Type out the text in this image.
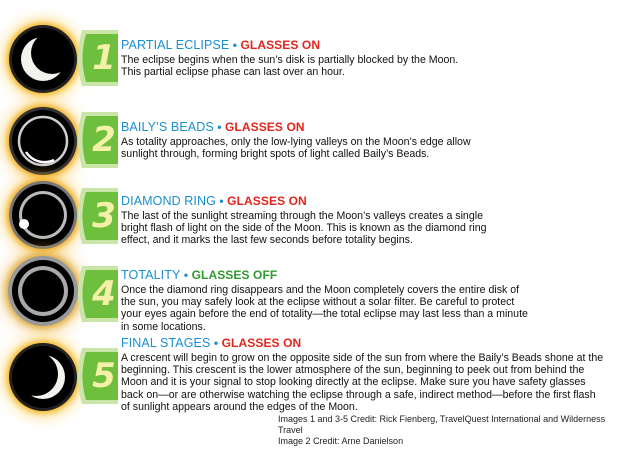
1 PARTIAL ECLIPSE • GLASSES ON
The eclipse begins when the sun’s disk is partially blocked by the Moon. This partial eclipse phase can last over an hour.
2 BAILY’S BEADS • GLASSES ON
As totality approaches, only the low-lying valleys on the Moon’s edge allow sunlight through, forming bright spots of light called Baily’s Beads.
3 DIAMOND RING • GLASSES ON
The last of the sunlight streaming through the Moon’s valleys creates a single bright flash of light on the side of the Moon. This is known as the diamond ring effect, and it marks the last few seconds before totality begins.
4 TOTALITY • GLASSES OFF
Once the diamond ring disappears and the Moon completely covers the entire disk of the sun, you may safely look at the eclipse without a solar filter. Be careful to protect your eyes again before the end of totality—the total eclipse may last less than a minute in some locations.
5
FINAL STAGES • GLASSES ON
A crescent will begin to grow on the opposite side of the sun from where the Baily’s Beads shone at the beginning. This crescent is the lower atmosphere of the sun, beginning to peek out from behind the Moon and it is your signal to stop looking directly at the eclipse. Make sure you have safety glasses back on—or are otherwise watching the eclipse through a safe, indirect method—before the first flash of sunlight appears around the edges of the Moon.
Images 1 and 3-5 Credit: Rick Fienberg, TravelQuest International and Wilderness Travel
Image 2 Credit: Arne Danielson
